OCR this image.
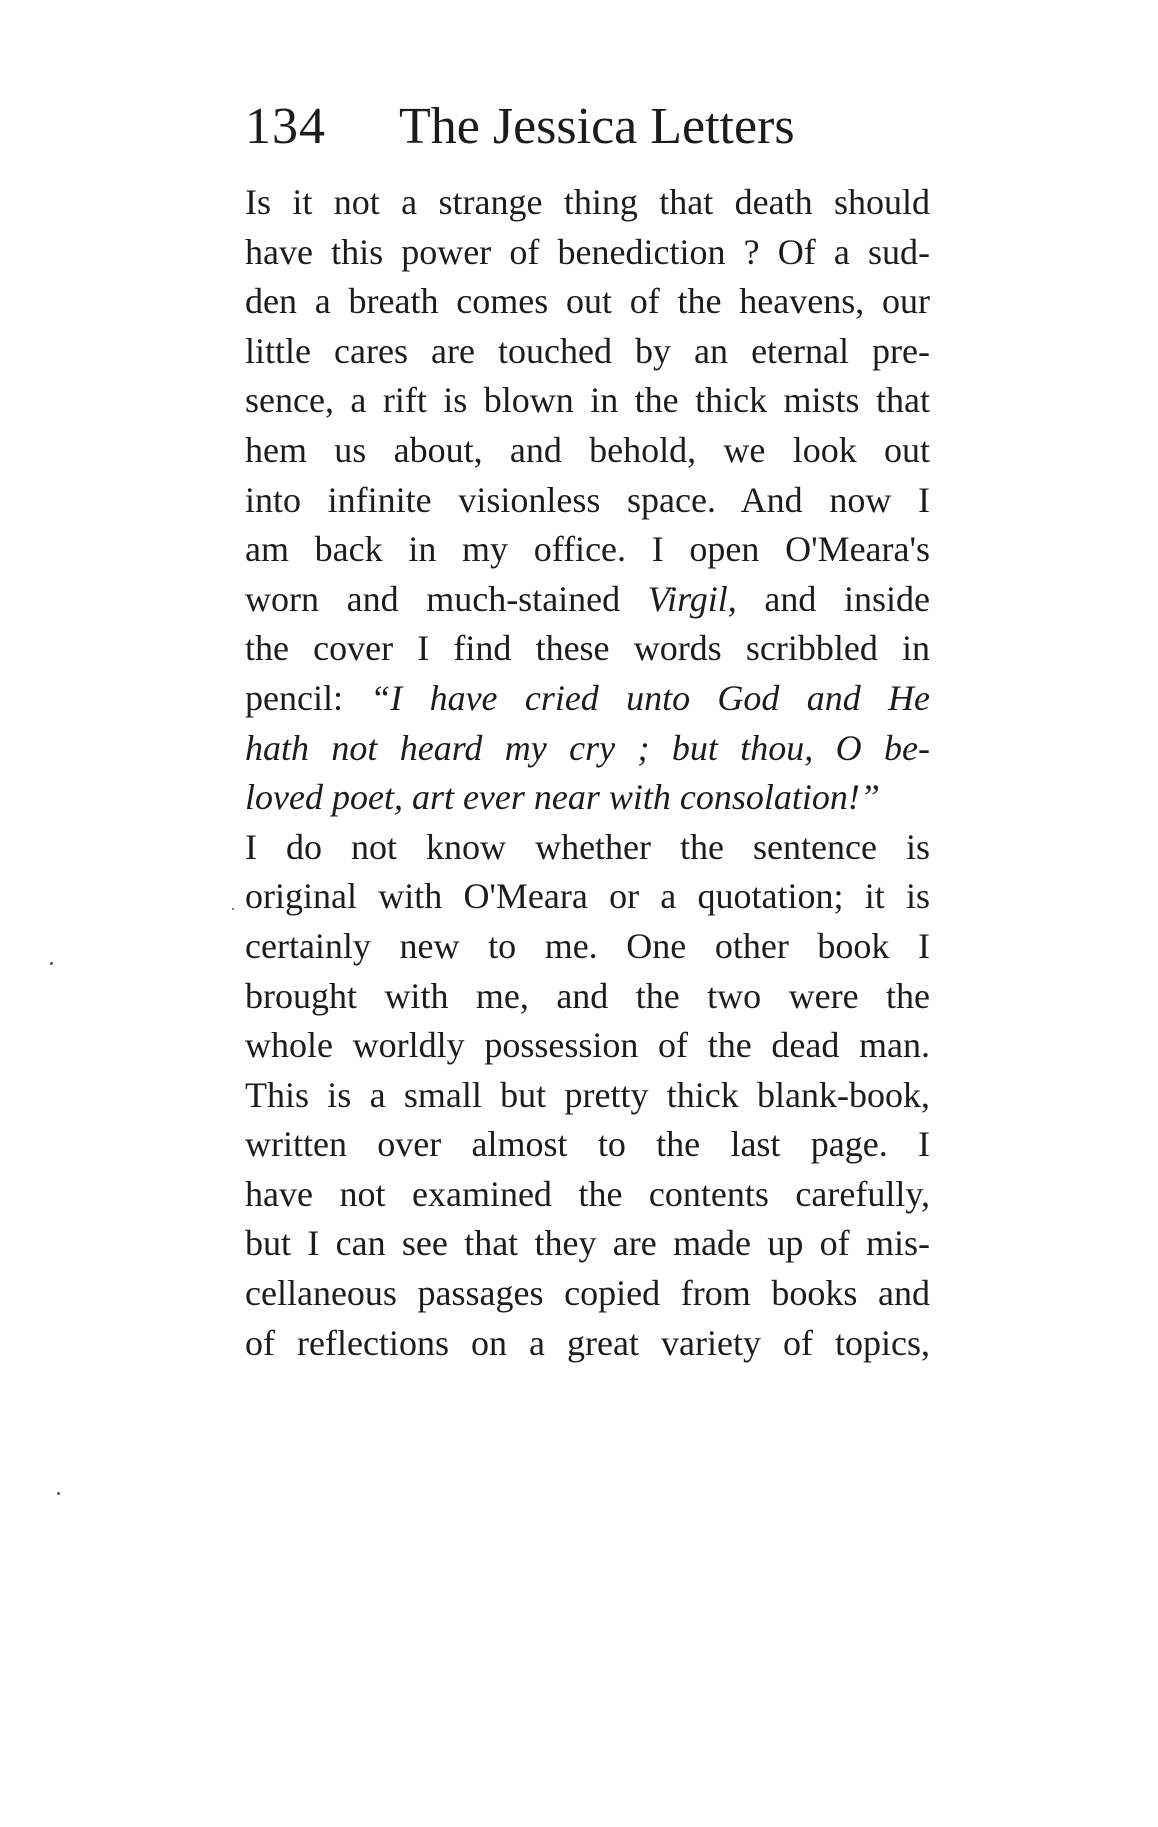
134 The Jessica Letters
Is it not a strange thing that death should
have this power of benediction ? Of a sud-
den a breath comes out of the heavens, our
little cares are touched by an eternal pre-
sence, a rift is blown in the thick mists that
hem us about, and behold, we look out
into infinite visionless space. And now I
am back in my office. I open O'Meara's
worn and much-stained Virgil, and inside
the cover I find these words scribbled in
pencil: “I have cried unto God and He
hath not heard my cry ; but thou, O be-
loved poet, art ever near with consolation!”
I do not know whether the sentence is
original with O'Meara or a quotation; it is
certainly new to me. One other book I
brought with me, and the two were the
whole worldly possession of the dead man.
This is a small but pretty thick blank-book,
written over almost to the last page. I
have not examined the contents carefully,
but I can see that they are made up of mis-
cellaneous passages copied from books and
of reflections on a great variety of topics,
